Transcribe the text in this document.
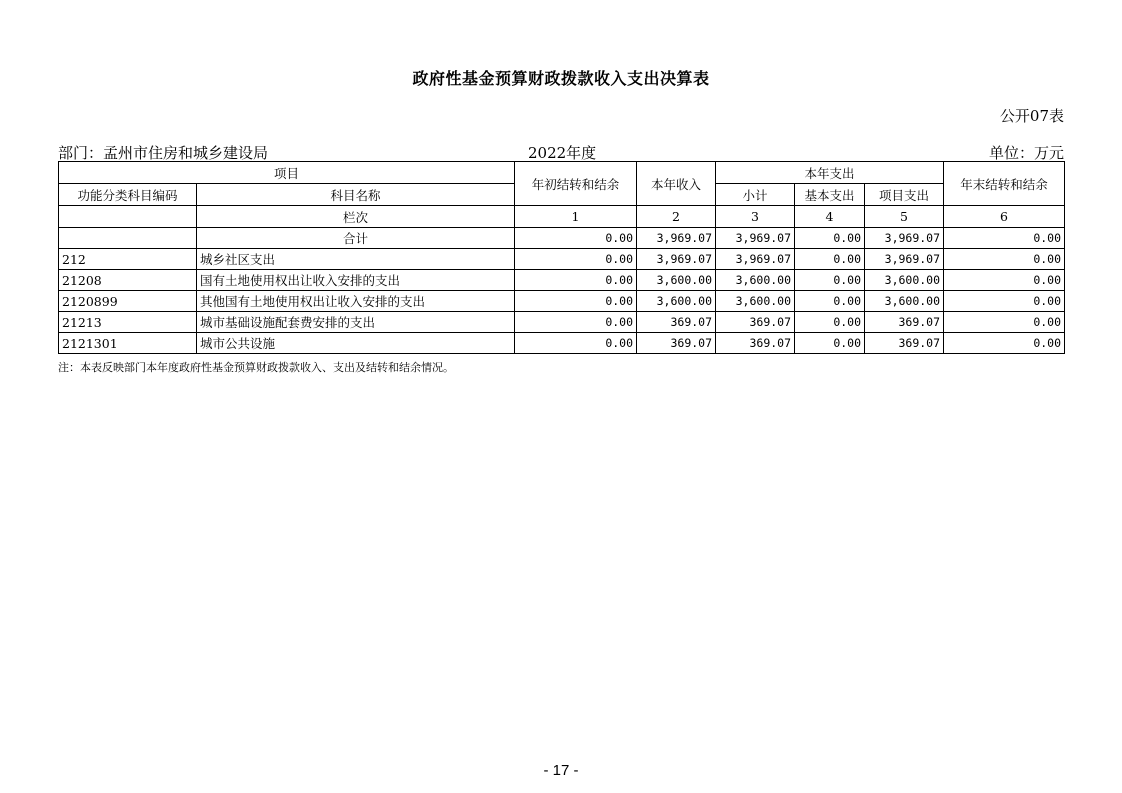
政府性基金预算财政拨款收入支出决算表
公开07表
部门：孟州市住房和城乡建设局	2022年度	单位：万元
项目		年初结转和结余	本年收入	本年支出			年末结转和结余
功能分类科目编码	科目名称			小计	基本支出	项目支出	
	栏次	1	2	3	4	5	6
	合计	0.00	3,969.07	3,969.07	0.00	3,969.07	0.00
212	城乡社区支出	0.00	3,969.07	3,969.07	0.00	3,969.07	0.00
21208	国有土地使用权出让收入安排的支出	0.00	3,600.00	3,600.00	0.00	3,600.00	0.00
2120899	其他国有土地使用权出让收入安排的支出	0.00	3,600.00	3,600.00	0.00	3,600.00	0.00
21213	城市基础设施配套费安排的支出	0.00	369.07	369.07	0.00	369.07	0.00
2121301	城市公共设施	0.00	369.07	369.07	0.00	369.07	0.00
注：本表反映部门本年度政府性基金预算财政拨款收入、支出及结转和结余情况。
- 17 -
